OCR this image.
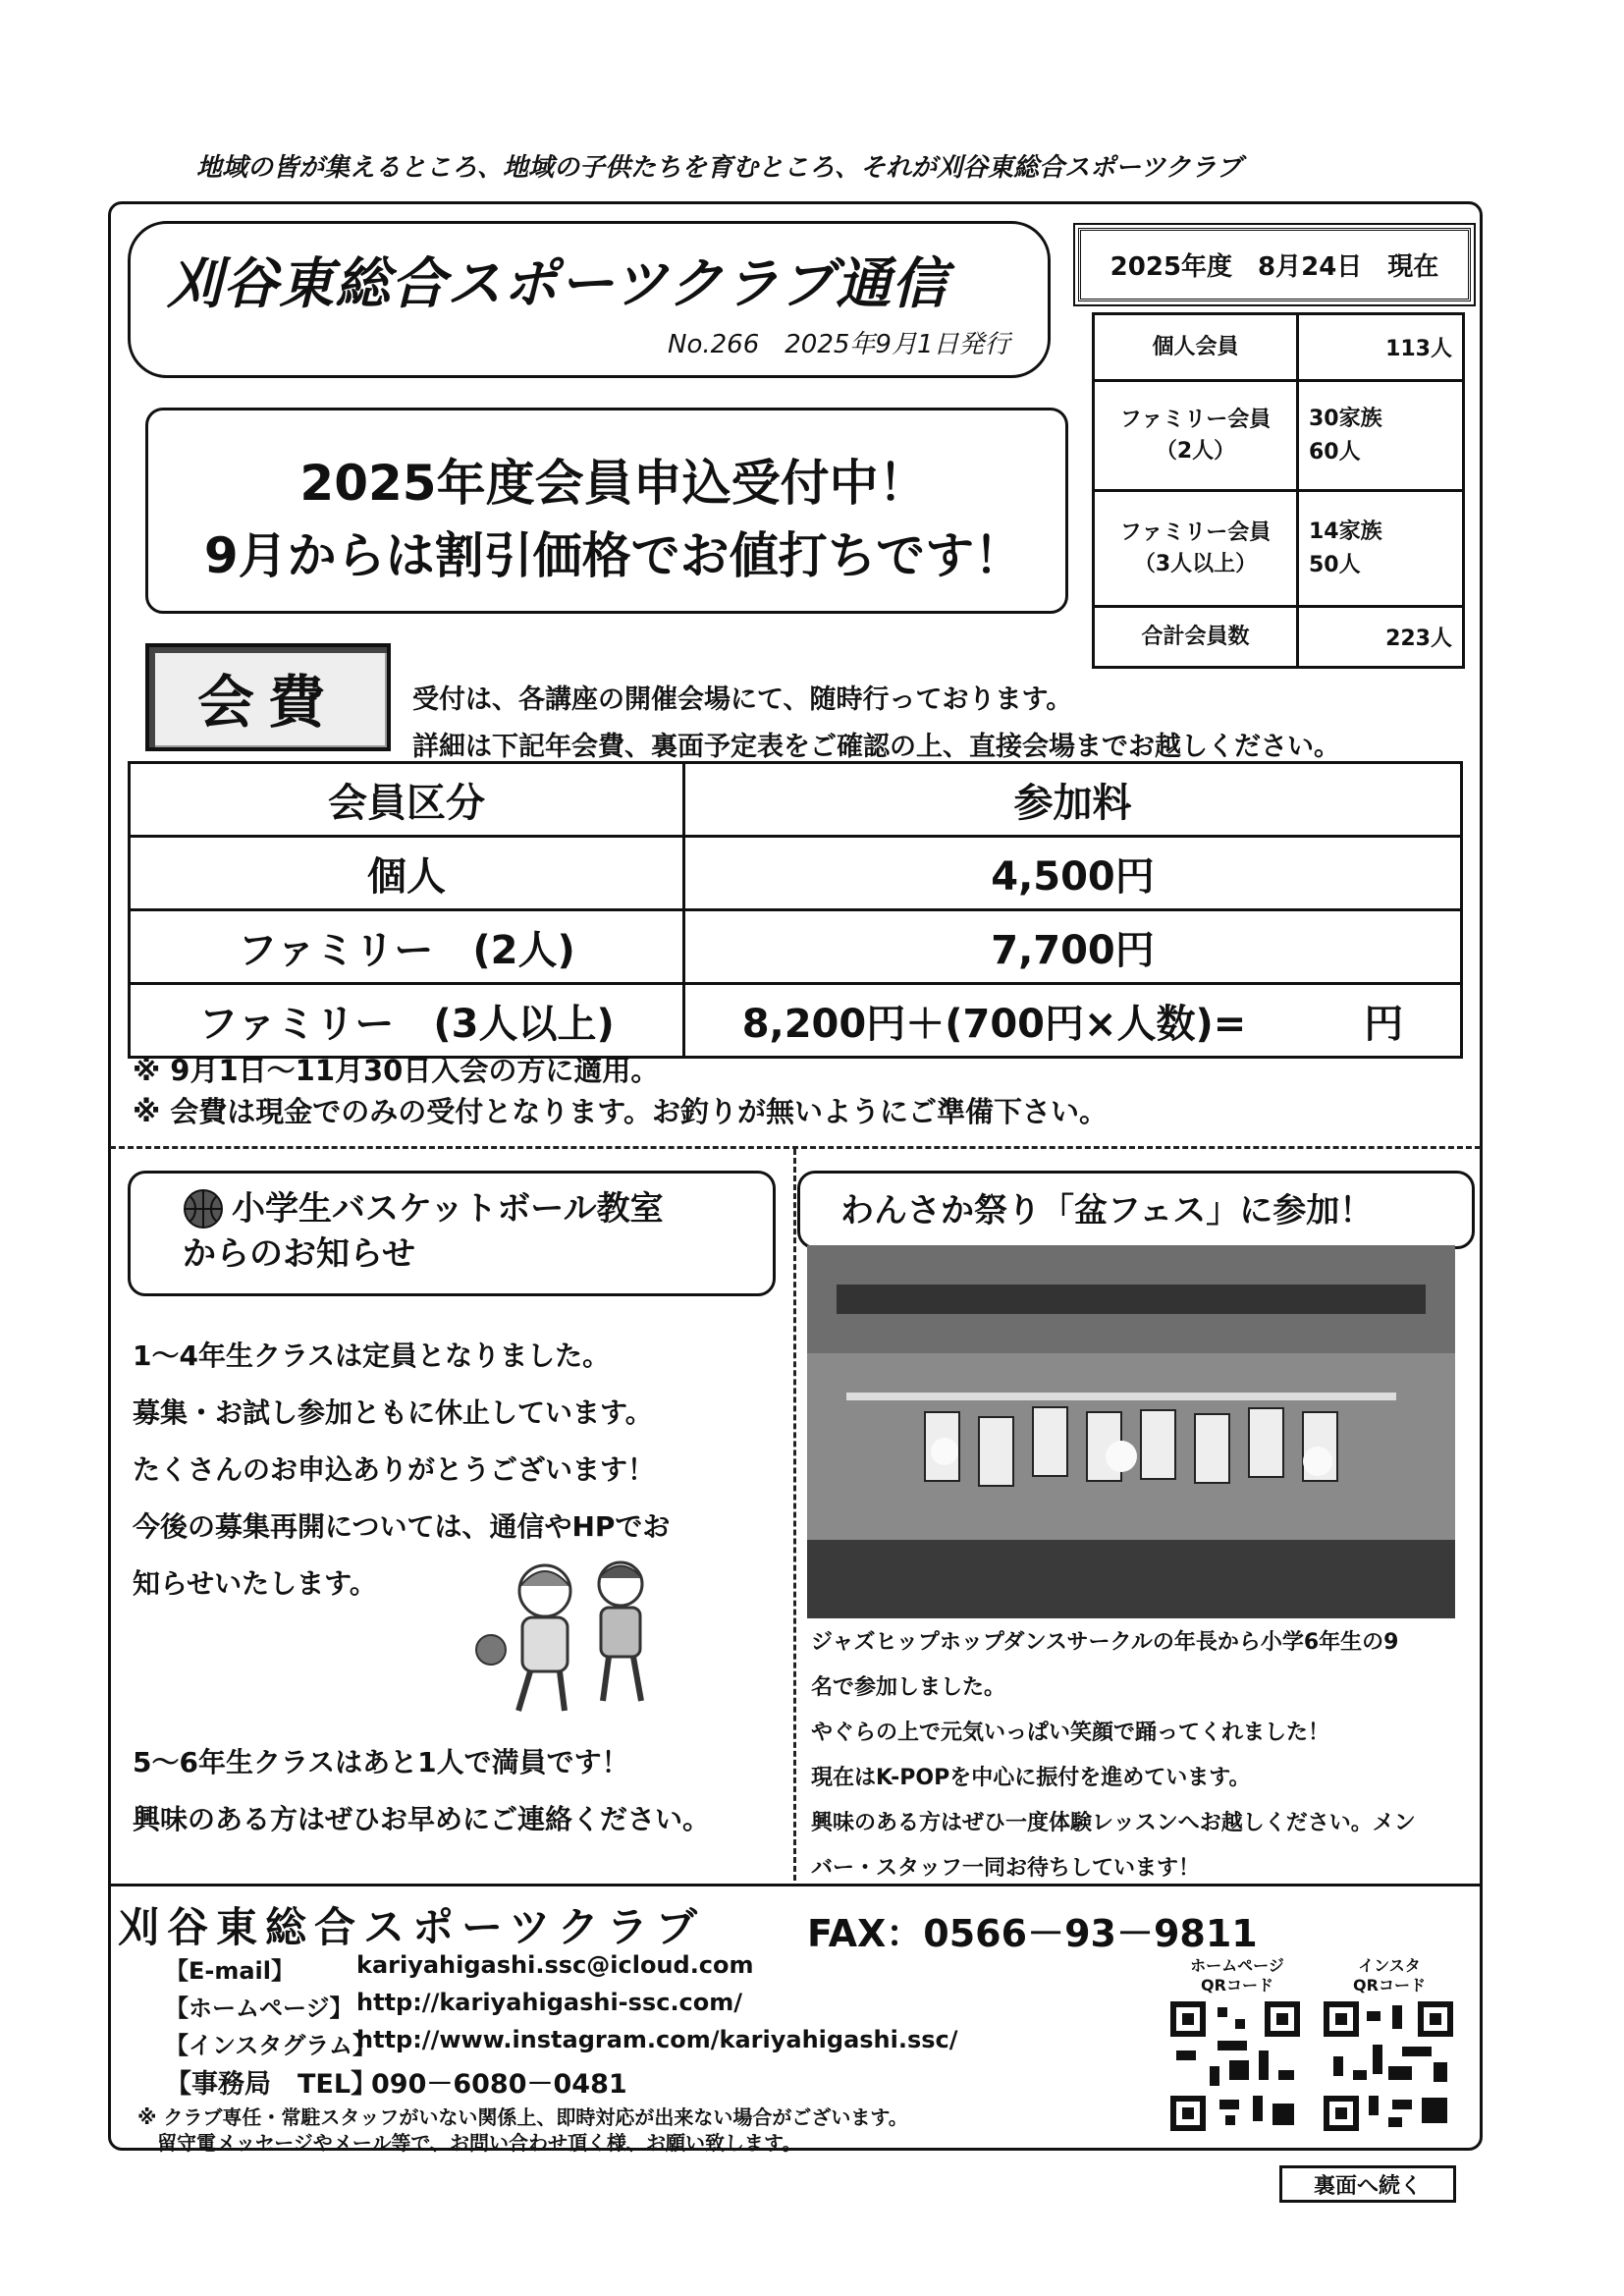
地域の皆が集えるところ、地域の子供たちを育むところ、それが刈谷東総合スポーツクラブ
刈谷東総合スポーツクラブ通信
No.266　2025年9月1日発行
2025年度　8月24日　現在
個人会員	113人
ファミリー会員
（2人）	30家族
60人

ファミリー会員
（3人以上）	14家族
50人

合計会員数	223人
2025年度会員申込受付中！
9月からは割引価格でお値打ちです！
会費	受付は、各講座の開催会場にて、随時行っております。
詳細は下記年会費、裏面予定表をご確認の上、直接会場までお越しください。
会員区分	参加料
個人	4,500円
ファミリー　(2人)	7,700円
ファミリー　(3人以上)	8,200円＋(700円×人数)=　　　円
※ 9月1日～11月30日入会の方に適用。
※ 会費は現金でのみの受付となります。お釣りが無いようにご準備下さい。
小学生バスケットボール教室
からのお知らせ
1～4年生クラスは定員となりました。
募集・お試し参加ともに休止しています。
たくさんのお申込ありがとうございます！
今後の募集再開については、通信やHPでお
知らせいたします。
5～6年生クラスはあと1人で満員です！
興味のある方はぜひお早めにご連絡ください。
わんさか祭り「盆フェス」に参加！
ジャズヒップホップダンスサークルの年長から小学6年生の9
名で参加しました。
やぐらの上で元気いっぱい笑顔で踊ってくれました！
現在はK-POPを中心に振付を進めています。
興味のある方はぜひ一度体験レッスンへお越しください。メン
バー・スタッフ一同お待ちしています！
刈谷東総合スポーツクラブ	FAX：0566－93－9811
【E-mail】	kariyahigashi.ssc@icloud.com
【ホームページ】 http://kariyahigashi-ssc.com/
【インスタグラム】
http://www.instagram.com/kariyahigashi.ssc/
【事務局　TEL】
090－6080－0481
ホームページ
QRコード
インスタ
QRコード
※ クラブ専任・常駐スタッフがいない関係上、即時対応が出来ない場合がございます。
　留守電メッセージやメール等で、お問い合わせ頂く様、お願い致します。
裏面へ続く
